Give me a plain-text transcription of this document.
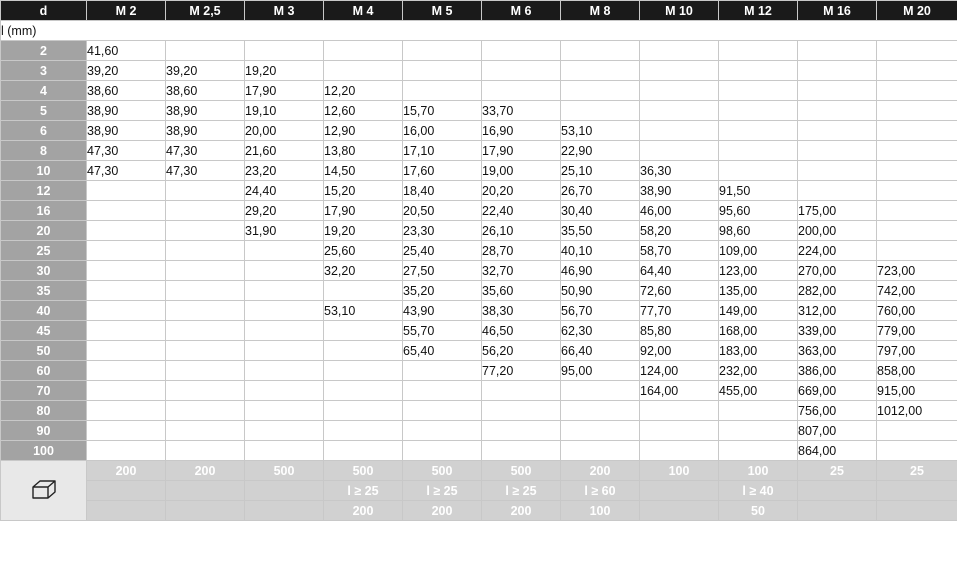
d	M 2	M 2,5	M 3	M 4	M 5	M 6	M 8	M 10	M 12	M 16	M 20
l (mm)											
2	41,60										
3	39,20	39,20	19,20								
4	38,60	38,60	17,90	12,20							
5	38,90	38,90	19,10	12,60	15,70	33,70					
6	38,90	38,90	20,00	12,90	16,00	16,90	53,10				
8	47,30	47,30	21,60	13,80	17,10	17,90	22,90				
10	47,30	47,30	23,20	14,50	17,60	19,00	25,10	36,30			
12			24,40	15,20	18,40	20,20	26,70	38,90	91,50		
16			29,20	17,90	20,50	22,40	30,40	46,00	95,60	175,00	
20			31,90	19,20	23,30	26,10	35,50	58,20	98,60	200,00	
25				25,60	25,40	28,70	40,10	58,70	109,00	224,00	
30				32,20	27,50	32,70	46,90	64,40	123,00	270,00	723,00
35					35,20	35,60	50,90	72,60	135,00	282,00	742,00
40				53,10	43,90	38,30	56,70	77,70	149,00	312,00	760,00
45					55,70	46,50	62,30	85,80	168,00	339,00	779,00
50					65,40	56,20	66,40	92,00	183,00	363,00	797,00
60						77,20	95,00	124,00	232,00	386,00	858,00
70								164,00	455,00	669,00	915,00
80										756,00	1012,00
90										807,00	
100										864,00	
	200	200	500	500	500	500	200	100	100	25	25
				l ≥ 25	l ≥ 25	l ≥ 25	l ≥ 60		l ≥ 40		
				200	200	200	100		50		
